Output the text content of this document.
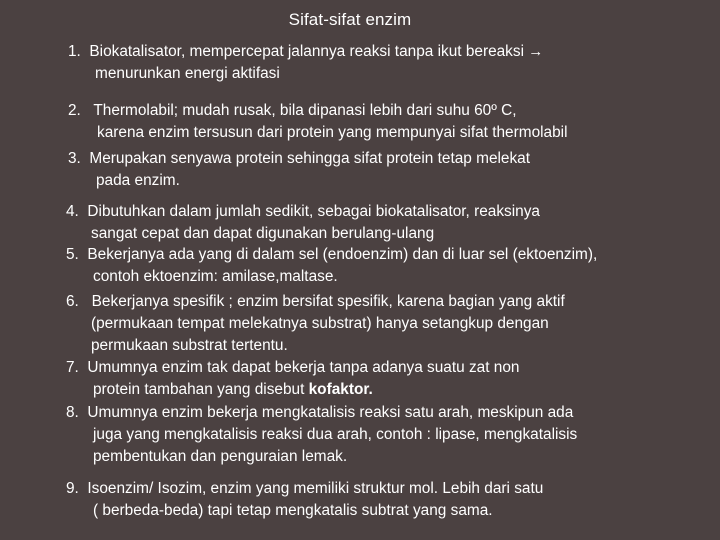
Sifat-sifat enzim
1. Biokatalisator, mempercepat jalannya reaksi tanpa ikut bereaksi →
menurunkan energi aktifasi
2. Thermolabil; mudah rusak, bila dipanasi lebih dari suhu 60º C,
karena enzim tersusun dari protein yang mempunyai sifat thermolabil
3. Merupakan senyawa protein sehingga sifat protein tetap melekat
pada enzim.
4. Dibutuhkan dalam jumlah sedikit, sebagai biokatalisator, reaksinya
sangat cepat dan dapat digunakan berulang-ulang
5. Bekerjanya ada yang di dalam sel (endoenzim) dan di luar sel (ektoenzim),
contoh ektoenzim: amilase,maltase.
6. Bekerjanya spesifik ; enzim bersifat spesifik, karena bagian yang aktif
(permukaan tempat melekatnya substrat) hanya setangkup dengan
permukaan substrat tertentu.
7. Umumnya enzim tak dapat bekerja tanpa adanya suatu zat non
protein tambahan yang disebut kofaktor.
8. Umumnya enzim bekerja mengkatalisis reaksi satu arah, meskipun ada
juga yang mengkatalisis reaksi dua arah, contoh : lipase, mengkatalisis
pembentukan dan penguraian lemak.
9. Isoenzim/ Isozim, enzim yang memiliki struktur mol. Lebih dari satu
( berbeda-beda) tapi tetap mengkatalis subtrat yang sama.
